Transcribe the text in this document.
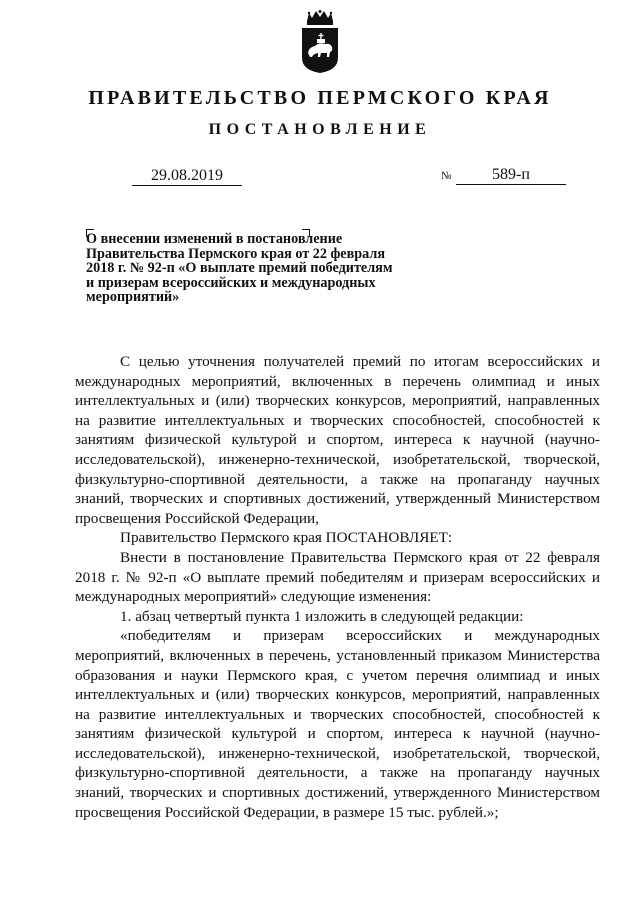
ПРАВИТЕЛЬСТВО ПЕРМСКОГО КРАЯ
ПОСТАНОВЛЕНИЕ
29.08.2019	№	589-п
О внесении изменений в постановление
Правительства Пермского края от 22 февраля
2018 г. № 92-п «О выплате премий победителям
и призерам всероссийских и международных
мероприятий»

С целью уточнения получателей премий по итогам всероссийских и международных мероприятий, включенных в перечень олимпиад и иных интеллектуальных и (или) творческих конкурсов, мероприятий, направленных на развитие интеллектуальных и творческих способностей, способностей к занятиям физической культурой и спортом, интереса к научной (научно-исследовательской), инженерно-технической, изобретательской, творческой, физкультурно-спортивной деятельности, а также на пропаганду научных знаний, творческих и спортивных достижений, утвержденный Министерством просвещения Российской Федерации,

Правительство Пермского края ПОСТАНОВЛЯЕТ:

Внести в постановление Правительства Пермского края от 22 февраля 2018 г. № 92-п «О выплате премий победителям и призерам всероссийских и международных мероприятий» следующие изменения:

1. абзац четвертый пункта 1 изложить в следующей редакции:

«победителям и призерам всероссийских и международных мероприятий, включенных в перечень, установленный приказом Министерства образования и науки Пермского края, с учетом перечня олимпиад и иных интеллектуальных и (или) творческих конкурсов, мероприятий, направленных на развитие интеллектуальных и творческих способностей, способностей к занятиям физической культурой и спортом, интереса к научной (научно-исследовательской), инженерно-технической, изобретательской, творческой, физкультурно-спортивной деятельности, а также на пропаганду научных знаний, творческих и спортивных достижений, утвержденного Министерством просвещения Российской Федерации, в размере 15 тыс. рублей.»;
